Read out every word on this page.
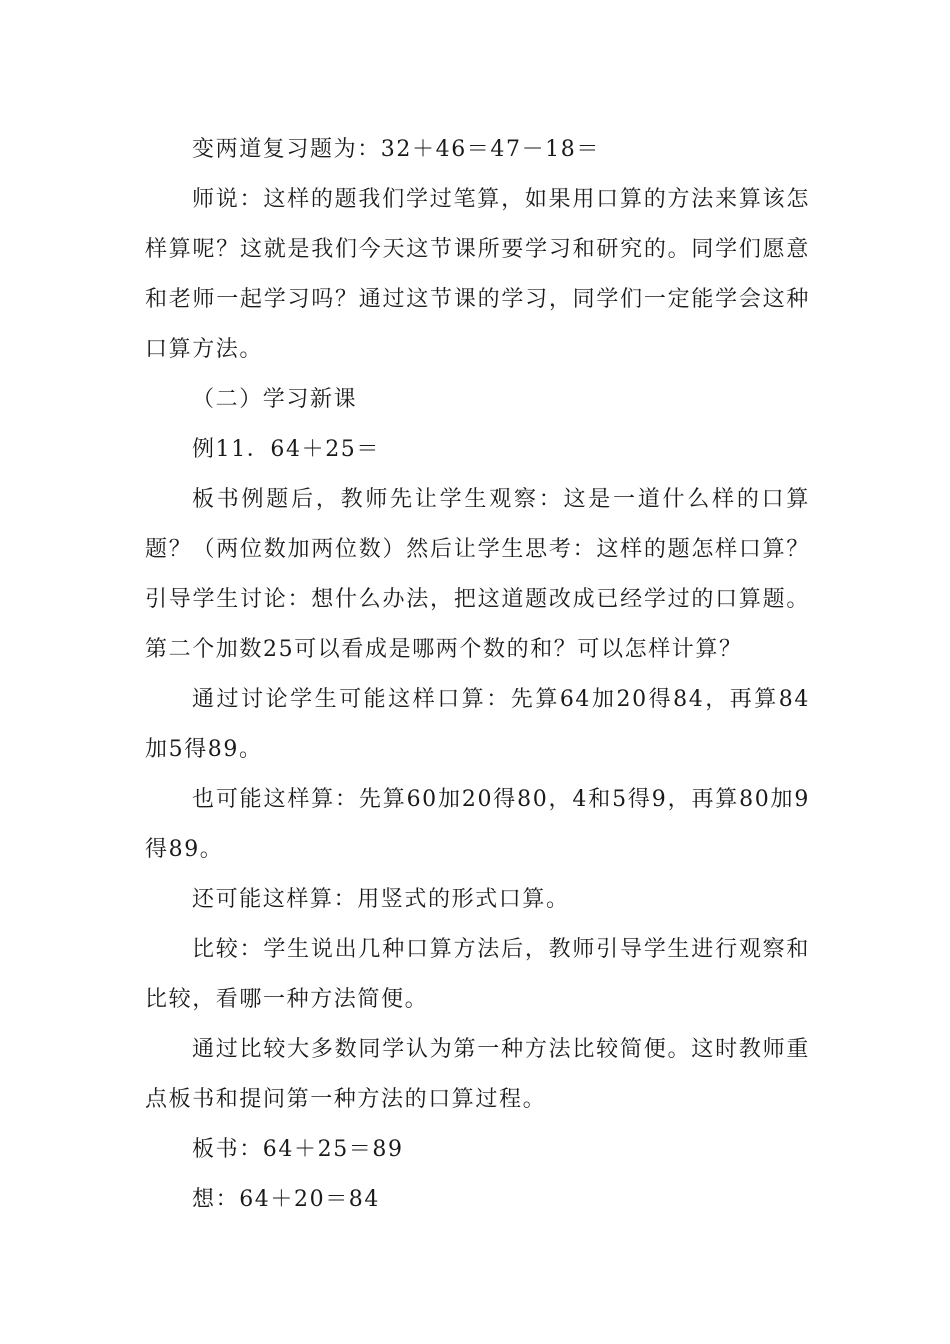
变两道复习题为：32＋46＝47－18＝

师说：这样的题我们学过笔算，如果用口算的方法来算该怎样算呢？这就是我们今天这节课所要学习和研究的。同学们愿意和老师一起学习吗？通过这节课的学习，同学们一定能学会这种口算方法。

（二）学习新课

例11．64＋25＝

板书例题后，教师先让学生观察：这是一道什么样的口算题？（两位数加两位数）然后让学生思考：这样的题怎样口算？引导学生讨论：想什么办法，把这道题改成已经学过的口算题。第二个加数25可以看成是哪两个数的和？可以怎样计算？

通过讨论学生可能这样口算：先算64加20得84，再算84加5得89。

也可能这样算：先算60加20得80，4和5得9，再算80加9得89。

还可能这样算：用竖式的形式口算。

比较：学生说出几种口算方法后，教师引导学生进行观察和比较，看哪一种方法简便。

通过比较大多数同学认为第一种方法比较简便。这时教师重点板书和提问第一种方法的口算过程。

板书：64＋25＝89

想：64＋20＝84
